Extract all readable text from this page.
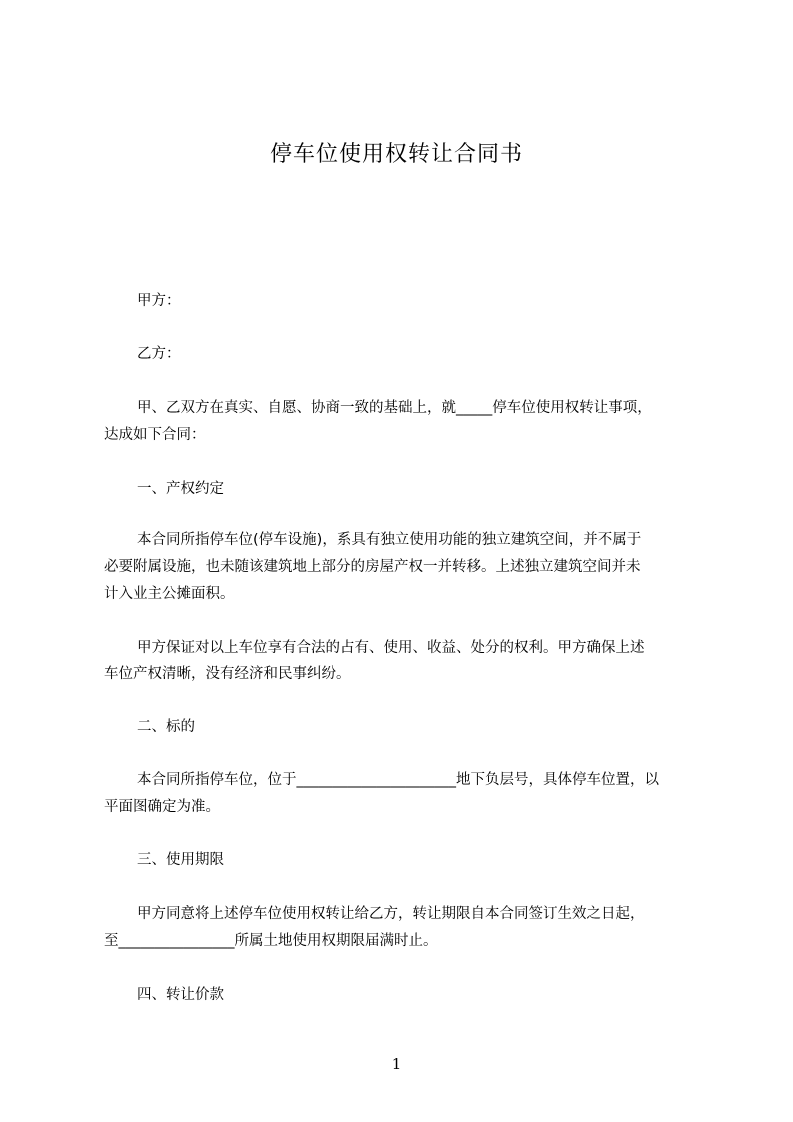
停车位使用权转让合同书
甲方：
乙方：
甲、乙双方在真实、自愿、协商一致的基础上，就_____停车位使用权转让事项，
达成如下合同：
一、产权约定
本合同所指停车位(停车设施)，系具有独立使用功能的独立建筑空间，并不属于
必要附属设施，也未随该建筑地上部分的房屋产权一并转移。上述独立建筑空间并未
计入业主公摊面积。
甲方保证对以上车位享有合法的占有、使用、收益、处分的权利。甲方确保上述
车位产权清晰，没有经济和民事纠纷。
二、标的
本合同所指停车位，位于______________________地下负层号，具体停车位置，以
平面图确定为准。
三、使用期限
甲方同意将上述停车位使用权转让给乙方，转让期限自本合同签订生效之日起，
至________________所属土地使用权期限届满时止。
四、转让价款
1
